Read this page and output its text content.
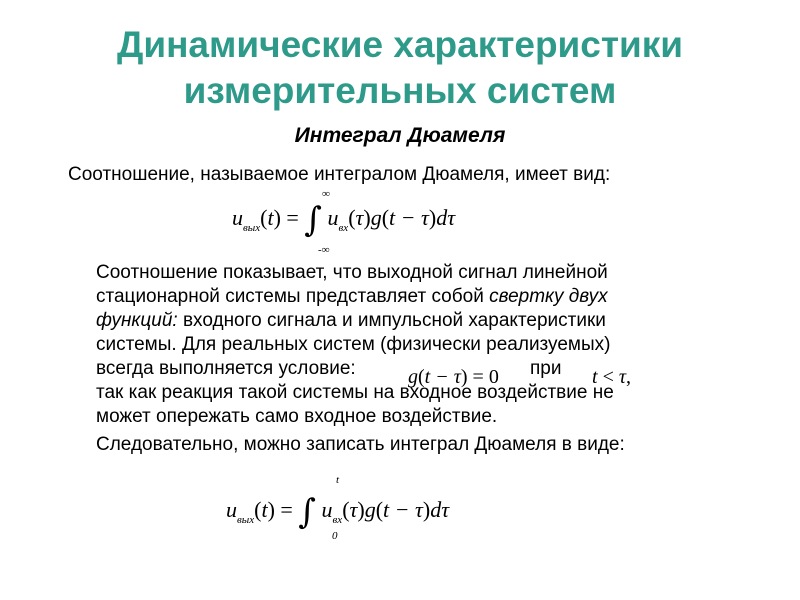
Динамические характеристики
измерительных систем
Интеграл Дюамеля
Соотношение, называемое интегралом Дюамеля, имеет вид:
$u_{вых}(t)$ = ∫ $u_{вх}(\tau)g(t - \tau)d\tau$
∞
-∞
Соотношение показывает, что выходной сигнал линейной
стационарной системы представляет собой свертку двух
функций: входного сигнала и импульсной характеристики
системы. Для реальных систем (физически реализуемых)
всегда выполняется условие:	g(t − τ) = 0 при t < τ,
так как реакция такой системы на входное воздействие не
может опережать само входное воздействие.
Следовательно, можно записать интеграл Дюамеля в виде:
$u_{вых}(t)$ = ∫ $u_{вх}(\tau)g(t - \tau)d\tau$
t
0
